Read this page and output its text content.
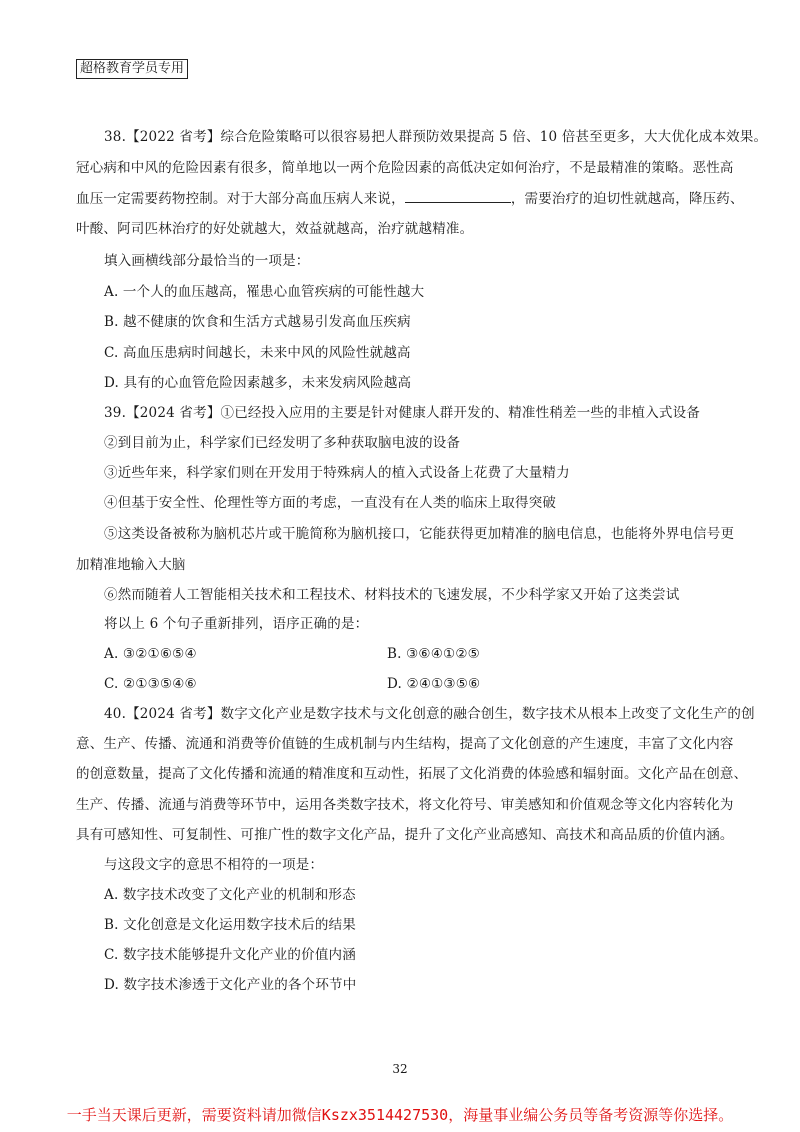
超格教育学员专用
38.【2022 省考】综合危险策略可以很容易把人群预防效果提高 5 倍、10 倍甚至更多，大大优化成本效果。
冠心病和中风的危险因素有很多，简单地以一两个危险因素的高低决定如何治疗，不是最精准的策略。恶性高
血压一定需要药物控制。对于大部分高血压病人来说，	，需要治疗的迫切性就越高，降压药、
叶酸、阿司匹林治疗的好处就越大，效益就越高，治疗就越精准。
填入画横线部分最恰当的一项是：
A. 一个人的血压越高，罹患心血管疾病的可能性越大
B. 越不健康的饮食和生活方式越易引发高血压疾病
C. 高血压患病时间越长，未来中风的风险性就越高
D. 具有的心血管危险因素越多，未来发病风险越高
39.【2024 省考】①已经投入应用的主要是针对健康人群开发的、精准性稍差一些的非植入式设备
②到目前为止，科学家们已经发明了多种获取脑电波的设备
③近些年来，科学家们则在开发用于特殊病人的植入式设备上花费了大量精力
④但基于安全性、伦理性等方面的考虑，一直没有在人类的临床上取得突破
⑤这类设备被称为脑机芯片或干脆简称为脑机接口，它能获得更加精准的脑电信息，也能将外界电信号更
加精准地输入大脑
⑥然而随着人工智能相关技术和工程技术、材料技术的飞速发展，不少科学家又开始了这类尝试
将以上 6 个句子重新排列，语序正确的是：
A. ③②①⑥⑤④	B. ③⑥④①②⑤
C. ②①③⑤④⑥	D. ②④①③⑤⑥
40.【2024 省考】数字文化产业是数字技术与文化创意的融合创生，数字技术从根本上改变了文化生产的创
意、生产、传播、流通和消费等价值链的生成机制与内生结构，提高了文化创意的产生速度，丰富了文化内容
的创意数量，提高了文化传播和流通的精准度和互动性，拓展了文化消费的体验感和辐射面。文化产品在创意、
生产、传播、流通与消费等环节中，运用各类数字技术，将文化符号、审美感知和价值观念等文化内容转化为
具有可感知性、可复制性、可推广性的数字文化产品，提升了文化产业高感知、高技术和高品质的价值内涵。
与这段文字的意思不相符的一项是：
A. 数字技术改变了文化产业的机制和形态
B. 文化创意是文化运用数字技术后的结果
C. 数字技术能够提升文化产业的价值内涵
D. 数字技术渗透于文化产业的各个环节中
32
一手当天课后更新，需要资料请加微信Kszx3514427530，海量事业编公务员等备考资源等你选择。
